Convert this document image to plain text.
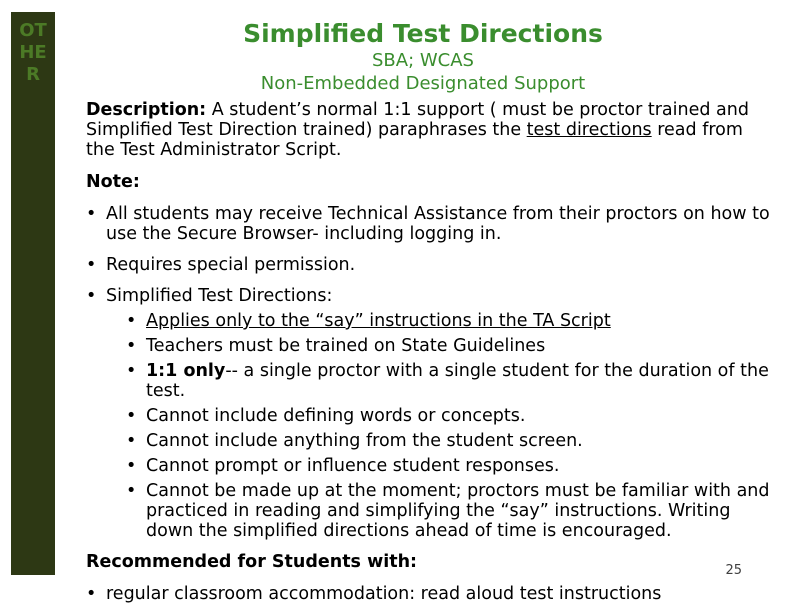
OT
HE
R
Simplified Test Directions
SBA; WCAS
Non-Embedded Designated Support
Description: A student’s normal 1:1 support ( must be proctor trained and Simplified Test Direction trained) paraphrases the test directions read from the Test Administrator Script.
Note:
• All students may receive Technical Assistance from their proctors on how to use the Secure Browser- including logging in.
• Requires special permission.
• Simplified Test Directions:
• Applies only to the “say” instructions in the TA Script
• Teachers must be trained on State Guidelines
• 1:1 only-- a single proctor with a single student for the duration of the test.
• Cannot include defining words or concepts.
• Cannot include anything from the student screen.
• Cannot prompt or influence student responses.
• Cannot be made up at the moment; proctors must be familiar with and practiced in reading and simplifying the “say” instructions. Writing down the simplified directions ahead of time is encouraged.
Recommended for Students with:
• regular classroom accommodation: read aloud test instructions
25
